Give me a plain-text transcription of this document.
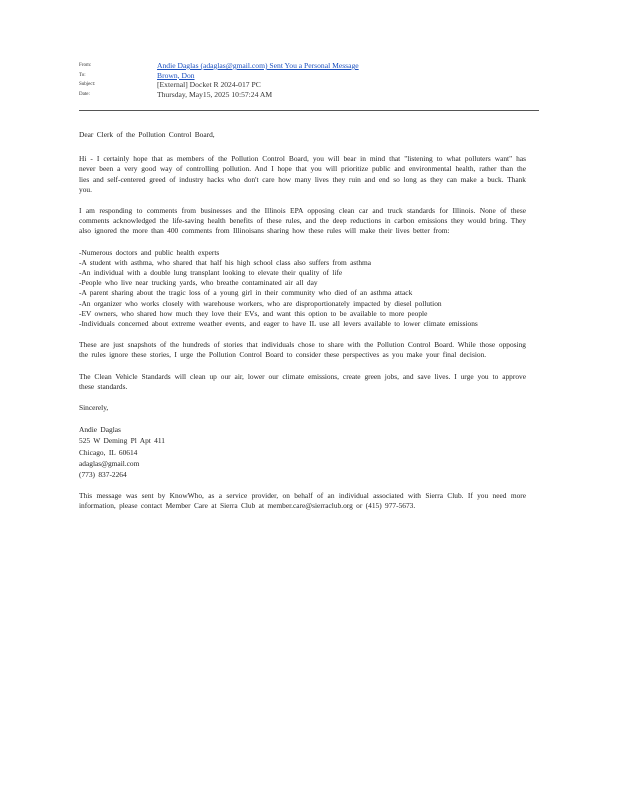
From:	Andie Daglas (adaglas@gmail.com) Sent You a Personal Message
To:	Brown, Don
Subject:	[External] Docket R 2024-017 PC
Date:	Thursday, May15, 2025 10:57:24 AM

Dear Clerk of the Pollution Control Board,

Hi - I certainly hope that as members of the Pollution Control Board, you will bear in mind that "listening to what polluters want" has never been a very good way of controlling pollution. And I hope that you will prioritize public and environmental health, rather than the lies and self-centered greed of industry hacks who don't care how many lives they ruin and end so long as they can make a buck. Thank you.

I am responding to comments from businesses and the Illinois EPA opposing clean car and truck standards for Illinois. None of these comments acknowledged the life-saving health benefits of these rules, and the deep reductions in carbon emissions they would bring. They also ignored the more than 400 comments from Illinoisans sharing how these rules will make their lives better from:

-Numerous doctors and public health experts
-A student with asthma, who shared that half his high school class also suffers from asthma
-An individual with a double lung transplant looking to elevate their quality of life
-People who live near trucking yards, who breathe contaminated air all day
-A parent sharing about the tragic loss of a young girl in their community who died of an asthma attack
-An organizer who works closely with warehouse workers, who are disproportionately impacted by diesel pollution
-EV owners, who shared how much they love their EVs, and want this option to be available to more people
-Individuals concerned about extreme weather events, and eager to have IL use all levers available to lower climate emissions

These are just snapshots of the hundreds of stories that individuals chose to share with the Pollution Control Board. While those opposing the rules ignore these stories, I urge the Pollution Control Board to consider these perspectives as you make your final decision.

The Clean Vehicle Standards will clean up our air, lower our climate emissions, create green jobs, and save lives. I urge you to approve these standards.

Sincerely,

Andie Daglas
525 W Deming Pl Apt 411
Chicago, IL 60614
adaglas@gmail.com
(773) 837-2264

This message was sent by KnowWho, as a service provider, on behalf of an individual associated with Sierra Club. If you need more information, please contact Member Care at Sierra Club at member.care@sierraclub.org or (415) 977-5673.
